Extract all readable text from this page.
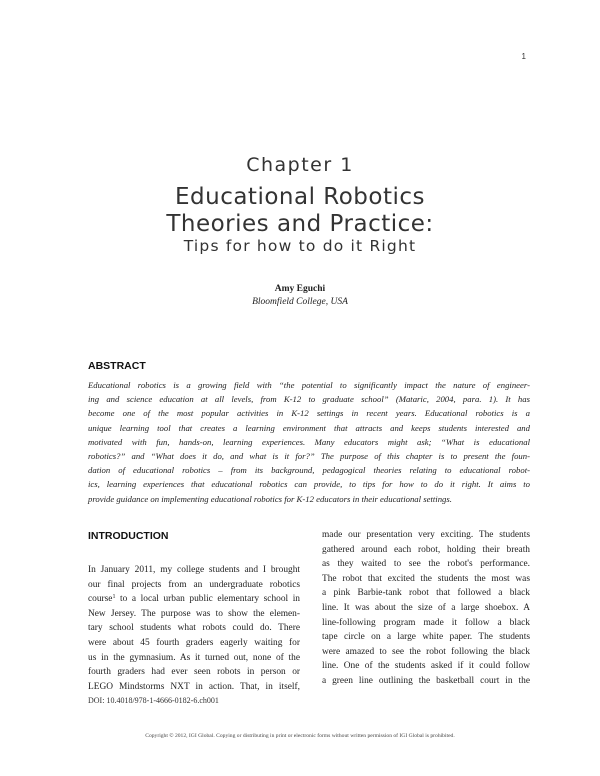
1
Chapter 1
Educational Robotics
Theories and Practice:
Tips for how to do it Right
Amy Eguchi
Bloomfield College, USA
ABSTRACT
Educational robotics is a growing field with “the potential to significantly impact the nature of engineer-
ing and science education at all levels, from K-12 to graduate school” (Mataric, 2004, para. 1). It has
become one of the most popular activities in K-12 settings in recent years. Educational robotics is a
unique learning tool that creates a learning environment that attracts and keeps students interested and
motivated with fun, hands-on, learning experiences. Many educators might ask; “What is educational
robotics?” and “What does it do, and what is it for?” The purpose of this chapter is to present the foun-
dation of educational robotics – from its background, pedagogical theories relating to educational robot-
ics, learning experiences that educational robotics can provide, to tips for how to do it right. It aims to
provide guidance on implementing educational robotics for K-12 educators in their educational settings.
INTRODUCTION
In January 2011, my college students and I brought
our final projects from an undergraduate robotics
course$^1$ to a local urban public elementary school in
New Jersey. The purpose was to show the elemen-
tary school students what robots could do. There
were about 45 fourth graders eagerly waiting for
us in the gymnasium. As it turned out, none of the
fourth graders had ever seen robots in person or
LEGO Mindstorms NXT in action. That, in itself,
made our presentation very exciting. The students
gathered around each robot, holding their breath
as they waited to see the robot's performance.
The robot that excited the students the most was
a pink Barbie-tank robot that followed a black
line. It was about the size of a large shoebox. A
line-following program made it follow a black
tape circle on a large white paper. The students
were amazed to see the robot following the black
line. One of the students asked if it could follow
a green line outlining the basketball court in the
DOI: 10.4018/978-1-4666-0182-6.ch001
Copyright © 2012, IGI Global. Copying or distributing in print or electronic forms without written permission of IGI Global is prohibited.
